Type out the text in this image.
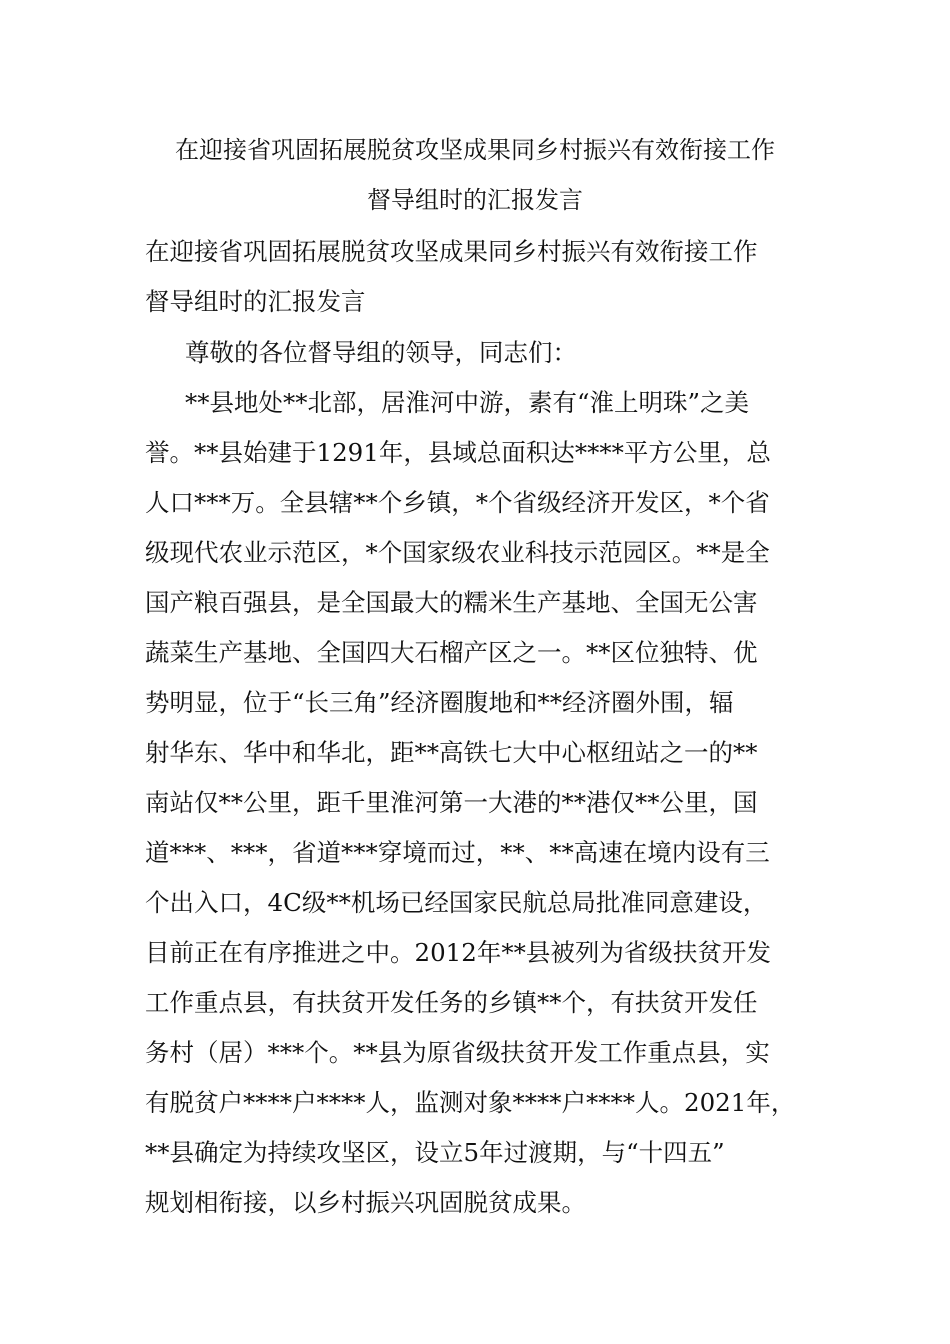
在迎接省巩固拓展脱贫攻坚成果同乡村振兴有效衔接工作
督导组时的汇报发言
在迎接省巩固拓展脱贫攻坚成果同乡村振兴有效衔接工作
督导组时的汇报发言
尊敬的各位督导组的领导，同志们：
**县地处**北部，居淮河中游，素有“淮上明珠”之美
誉。**县始建于1291年，县域总面积达****平方公里，总
人口***万。全县辖**个乡镇，*个省级经济开发区，*个省
级现代农业示范区，*个国家级农业科技示范园区。**是全
国产粮百强县，是全国最大的糯米生产基地、全国无公害
蔬菜生产基地、全国四大石榴产区之一。**区位独特、优
势明显，位于“长三角”经济圈腹地和**经济圈外围，辐
射华东、华中和华北，距**高铁七大中心枢纽站之一的**
南站仅**公里，距千里淮河第一大港的**港仅**公里，国
道***、***，省道***穿境而过，**、**高速在境内设有三
个出入口，4C级**机场已经国家民航总局批准同意建设，
目前正在有序推进之中。2012年**县被列为省级扶贫开发
工作重点县，有扶贫开发任务的乡镇**个，有扶贫开发任
务村（居）***个。**县为原省级扶贫开发工作重点县，实
有脱贫户****户****人，监测对象****户****人。2021年，
**县确定为持续攻坚区，设立5年过渡期，与“十四五”
规划相衔接，以乡村振兴巩固脱贫成果。
